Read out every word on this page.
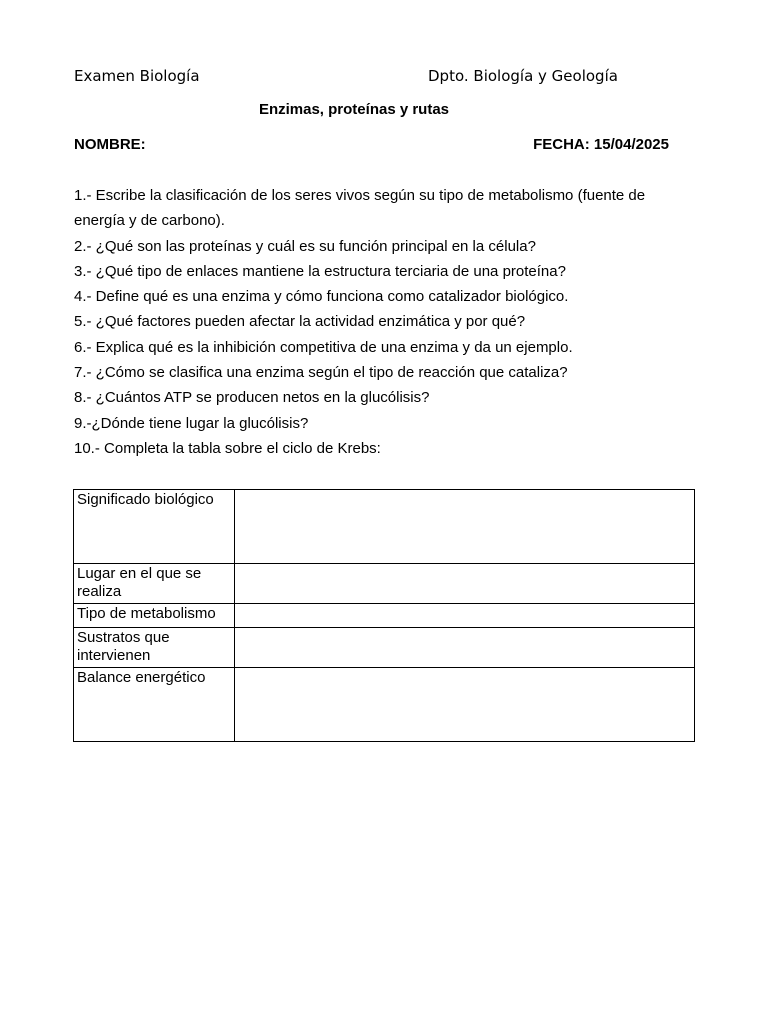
Examen Biología	Dpto. Biología y Geología
Enzimas, proteínas y rutas
NOMBRE:	FECHA: 15/04/2025
1.- Escribe la clasificación de los seres vivos según su tipo de metabolismo (fuente de energía y de carbono).
2.- ¿Qué son las proteínas y cuál es su función principal en la célula?
3.- ¿Qué tipo de enlaces mantiene la estructura terciaria de una proteína?
4.- Define qué es una enzima y cómo funciona como catalizador biológico.
5.- ¿Qué factores pueden afectar la actividad enzimática y por qué?
6.- Explica qué es la inhibición competitiva de una enzima y da un ejemplo.
7.- ¿Cómo se clasifica una enzima según el tipo de reacción que cataliza?
8.- ¿Cuántos ATP se producen netos en la glucólisis?
9.-¿Dónde tiene lugar la glucólisis?
10.- Completa la tabla sobre el ciclo de Krebs:
Significado biológico	
Lugar en el que se realiza	
Tipo de metabolismo	
Sustratos que intervienen	
Balance energético	
